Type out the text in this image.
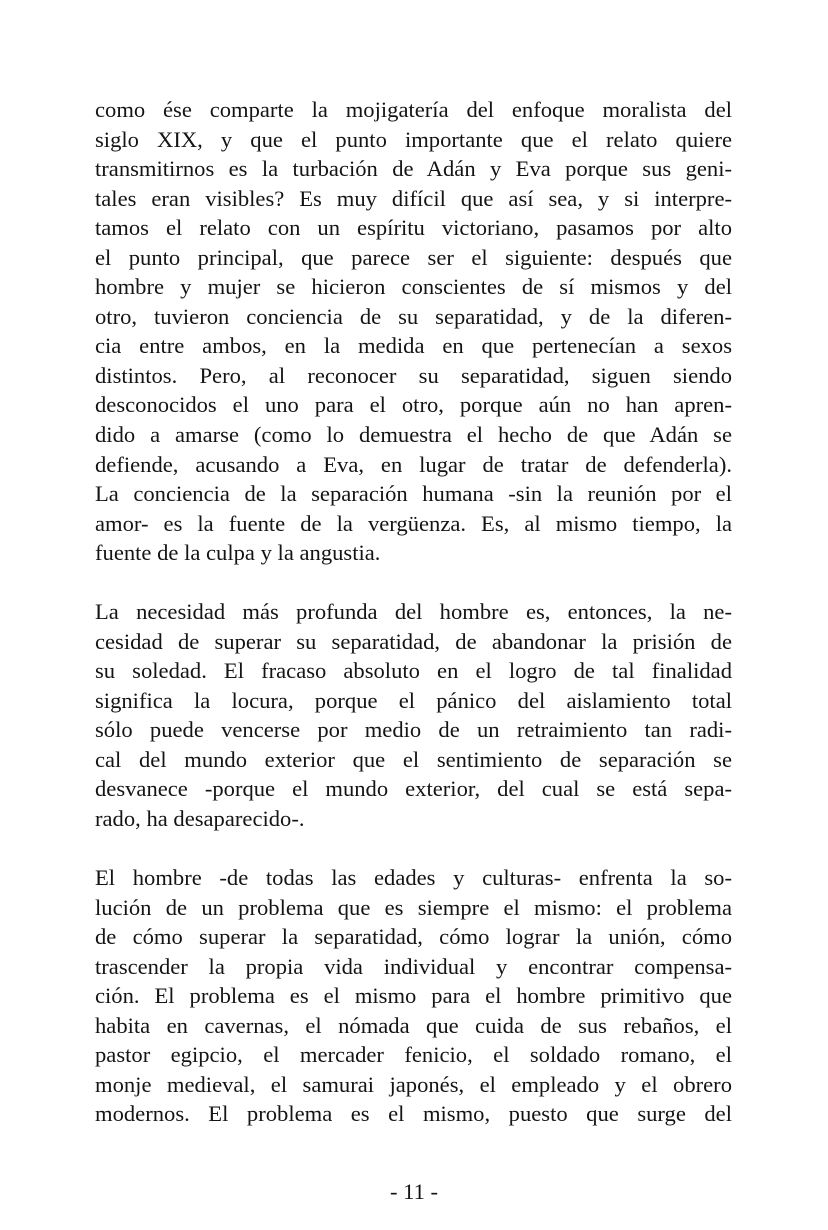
como ése comparte la mojigatería del enfoque moralista del
siglo XIX, y que el punto importante que el relato quiere
transmitirnos es la turbación de Adán y Eva porque sus geni-
tales eran visibles? Es muy difícil que así sea, y si interpre-
tamos el relato con un espíritu victoriano, pasamos por alto
el punto principal, que parece ser el siguiente: después que
hombre y mujer se hicieron conscientes de sí mismos y del
otro, tuvieron conciencia de su separatidad, y de la diferen-
cia entre ambos, en la medida en que pertenecían a sexos
distintos. Pero, al reconocer su separatidad, siguen siendo
desconocidos el uno para el otro, porque aún no han apren-
dido a amarse (como lo demuestra el hecho de que Adán se
defiende, acusando a Eva, en lugar de tratar de defenderla).
La conciencia de la separación humana -sin la reunión por el
amor- es la fuente de la vergüenza. Es, al mismo tiempo, la
fuente de la culpa y la angustia.
La necesidad más profunda del hombre es, entonces, la ne-
cesidad de superar su separatidad, de abandonar la prisión de
su soledad. El fracaso absoluto en el logro de tal finalidad
significa la locura, porque el pánico del aislamiento total
sólo puede vencerse por medio de un retraimiento tan radi-
cal del mundo exterior que el sentimiento de separación se
desvanece -porque el mundo exterior, del cual se está sepa-
rado, ha desaparecido-.
El hombre -de todas las edades y culturas- enfrenta la so-
lución de un problema que es siempre el mismo: el problema
de cómo superar la separatidad, cómo lograr la unión, cómo
trascender la propia vida individual y encontrar compensa-
ción. El problema es el mismo para el hombre primitivo que
habita en cavernas, el nómada que cuida de sus rebaños, el
pastor egipcio, el mercader fenicio, el soldado romano, el
monje medieval, el samurai japonés, el empleado y el obrero
modernos. El problema es el mismo, puesto que surge del
- 11 -
